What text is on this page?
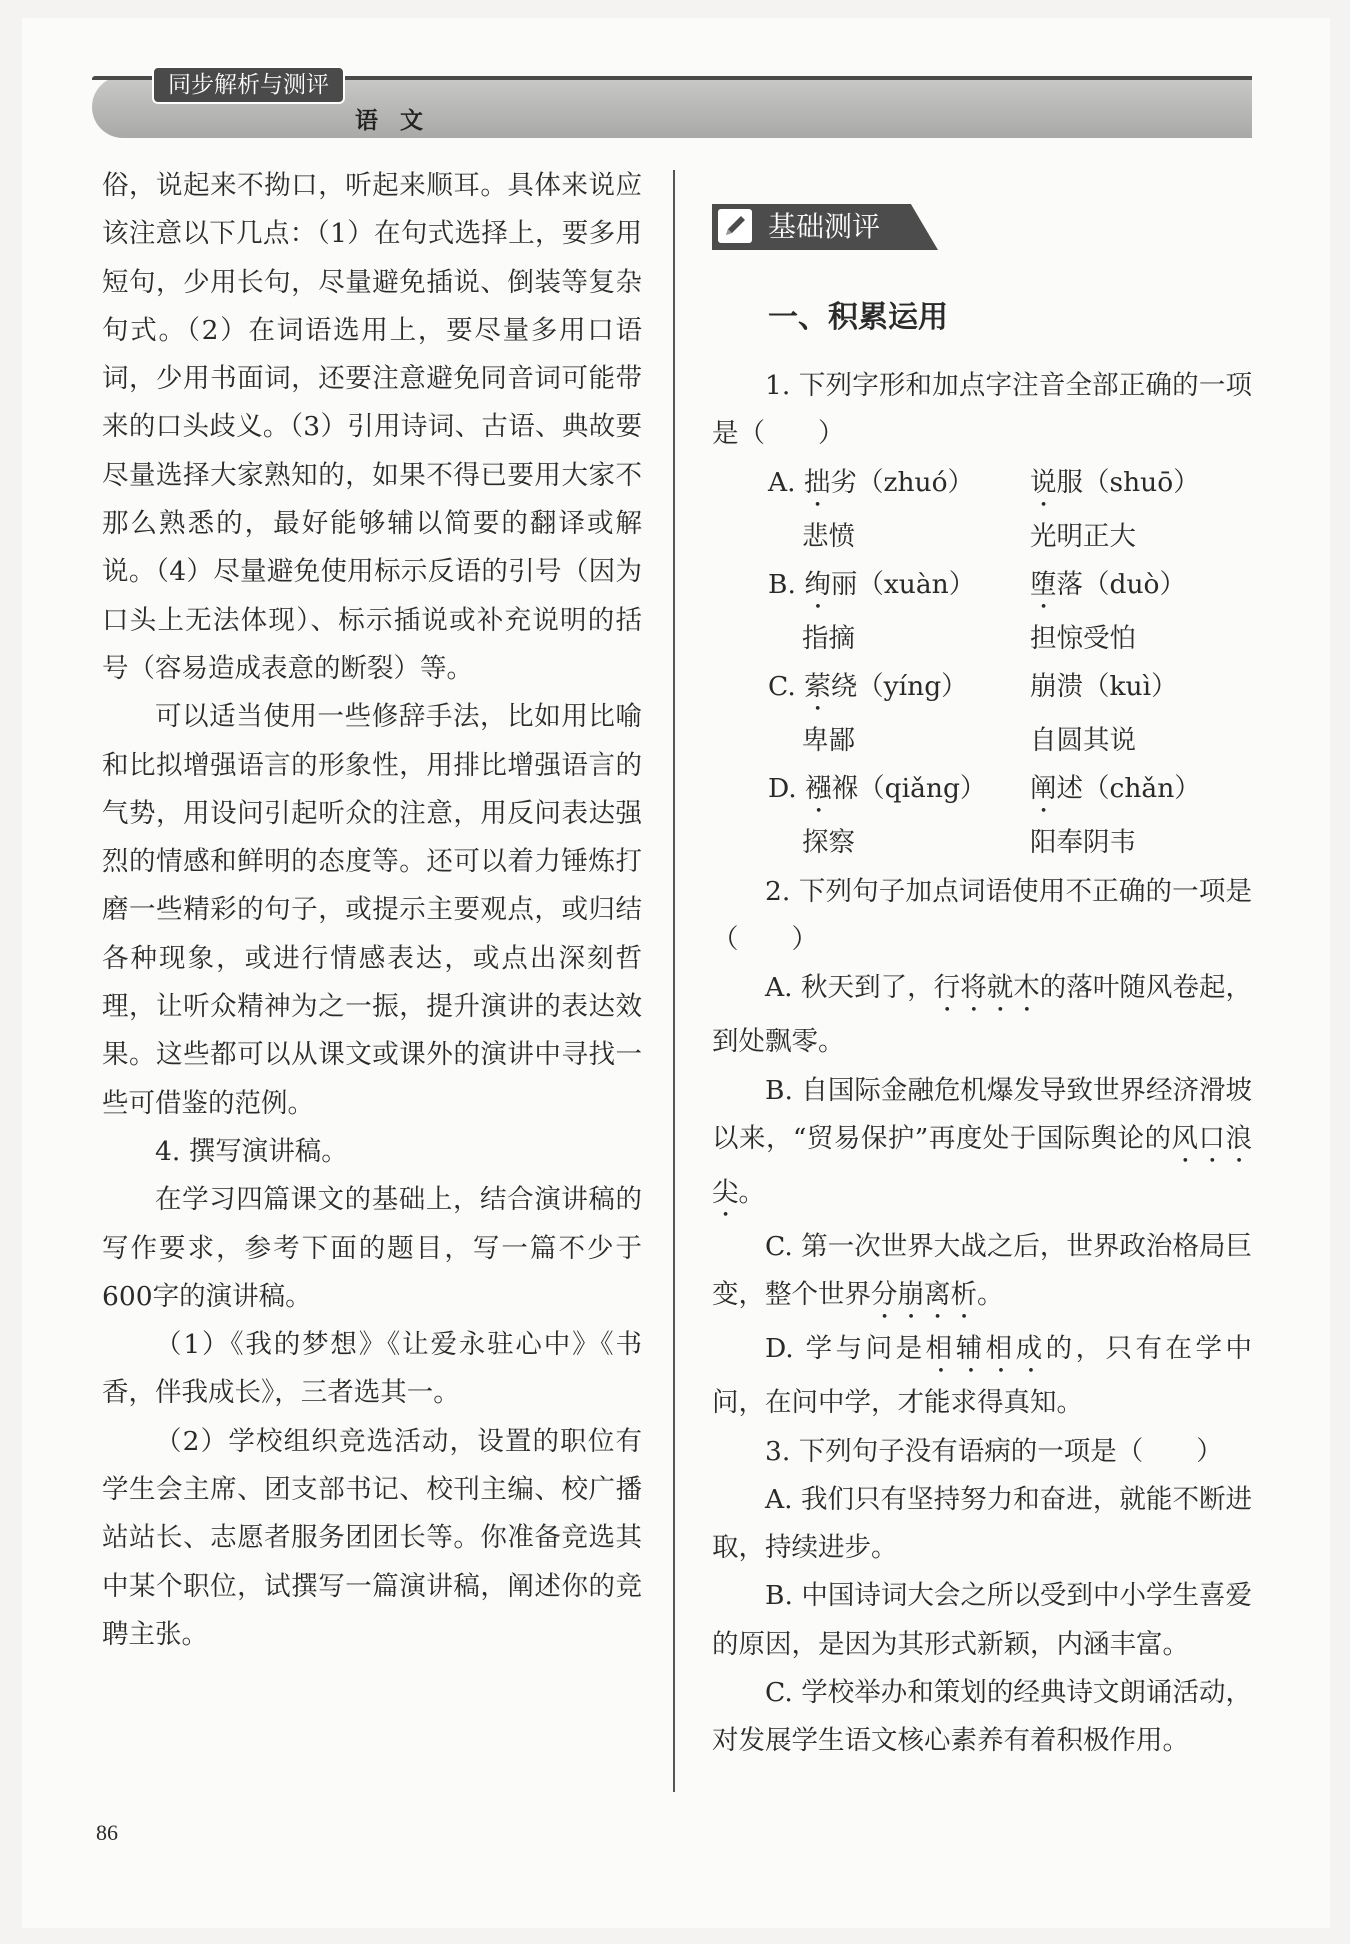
同步解析与测评
语文

俗，说起来不拗口，听起来顺耳。具体来说应该注意以下几点：（1）在句式选择上，要多用短句，少用长句，尽量避免插说、倒装等复杂句式。（2）在词语选用上，要尽量多用口语词，少用书面词，还要注意避免同音词可能带来的口头歧义。（3）引用诗词、古语、典故要尽量选择大家熟知的，如果不得已要用大家不那么熟悉的，最好能够辅以简要的翻译或解说。（4）尽量避免使用标示反语的引号（因为口头上无法体现）、标示插说或补充说明的括号（容易造成表意的断裂）等。

可以适当使用一些修辞手法，比如用比喻和比拟增强语言的形象性，用排比增强语言的气势，用设问引起听众的注意，用反问表达强烈的情感和鲜明的态度等。还可以着力锤炼打磨一些精彩的句子，或提示主要观点，或归结各种现象，或进行情感表达，或点出深刻哲理，让听众精神为之一振，提升演讲的表达效果。这些都可以从课文或课外的演讲中寻找一些可借鉴的范例。

4. 撰写演讲稿。

在学习四篇课文的基础上，结合演讲稿的写作要求，参考下面的题目，写一篇不少于600字的演讲稿。

（1）《我的梦想》《让爱永驻心中》《书香，伴我成长》，三者选其一。

（2）学校组织竞选活动，设置的职位有学生会主席、团支部书记、校刊主编、校广播站站长、志愿者服务团团长等。你准备竞选其中某个职位，试撰写一篇演讲稿，阐述你的竞聘主张。

基础测评
一、积累运用

1. 下列字形和加点字注音全部正确的一项是（　　）

A. 拙劣（zhuó）	说服（shuō）
悲愤	光明正大
B. 绚丽（xuàn）	堕落（duò）
指摘	担惊受怕
C. 萦绕（yíng）	崩溃（kuì）
卑鄙	自圆其说
D. 襁褓（qiǎng）	阐述（chǎn）
探察	阳奉阴韦

2. 下列句子加点词语使用不正确的一项是（　　）

A. 秋天到了，行将就木的落叶随风卷起，到处飘零。

B. 自国际金融危机爆发导致世界经济滑坡以来，“贸易保护”再度处于国际舆论的风口浪尖。

C. 第一次世界大战之后，世界政治格局巨变，整个世界分崩离析。

D. 学与问是相辅相成的，只有在学中问，在问中学，才能求得真知。

3. 下列句子没有语病的一项是（　　）

A. 我们只有坚持努力和奋进，就能不断进取，持续进步。

B. 中国诗词大会之所以受到中小学生喜爱的原因，是因为其形式新颖，内涵丰富。

C. 学校举办和策划的经典诗文朗诵活动，对发展学生语文核心素养有着积极作用。

86
